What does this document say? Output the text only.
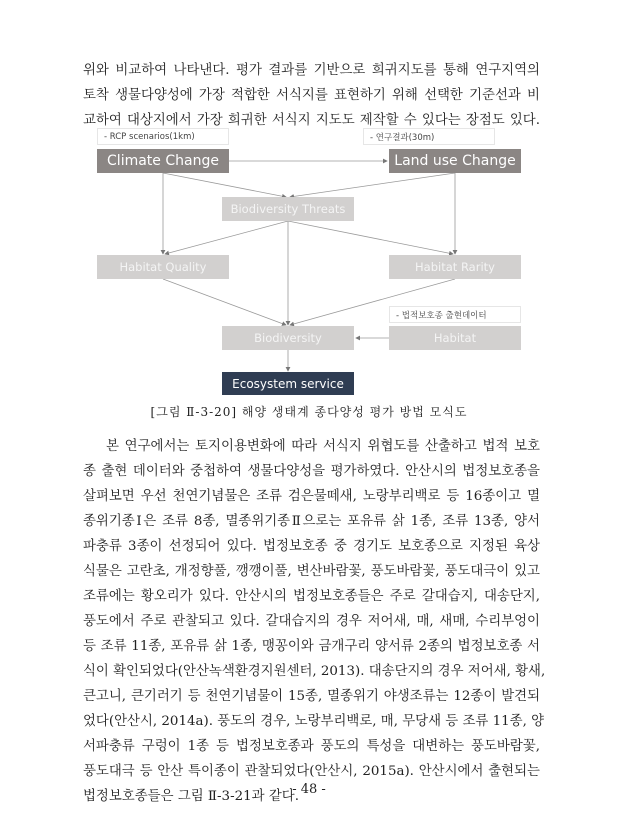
위와 비교하여 나타낸다. 평가 결과를 기반으로 희귀지도를 통해 연구지역의
토착 생물다양성에 가장 적합한 서식지를 표현하기 위해 선택한 기준선과 비
교하여 대상지에서 가장 희귀한 서식지 지도도 제작할 수 있다는 장점도 있다.
- RCP scenarios(1km)	- 연구결과(30m)
Climate Change	Land use Change
Biodiversity Threats
Habitat Quality	Habitat Rarity
- 법적보호종 출현데이터
Biodiversity	Habitat
Ecosystem service
[그림 Ⅱ-3-20] 해양 생태계 종다양성 평가 방법 모식도
본 연구에서는 토지이용변화에 따라 서식지 위협도를 산출하고 법적 보호
종 출현 데이터와 중첩하여 생물다양성을 평가하였다. 안산시의 법정보호종을
살펴보면 우선 천연기념물은 조류 검은물떼새, 노랑부리백로 등 16종이고 멸
종위기종Ⅰ은 조류 8종, 멸종위기종Ⅱ으로는 포유류 삵 1종, 조류 13종, 양서
파충류 3종이 선정되어 있다. 법정보호종 중 경기도 보호종으로 지정된 육상
식물은 고란초, 개정향풀, 깽깽이풀, 변산바람꽃, 풍도바람꽃, 풍도대극이 있고
조류에는 황오리가 있다. 안산시의 법정보호종들은 주로 갈대습지, 대송단지,
풍도에서 주로 관찰되고 있다. 갈대습지의 경우 저어새, 매, 새매, 수리부엉이
등 조류 11종, 포유류 삵 1종, 맹꽁이와 금개구리 양서류 2종의 법정보호종 서
식이 확인되었다(안산녹색환경지원센터, 2013). 대송단지의 경우 저어새, 황새,
큰고니, 큰기러기 등 천연기념물이 15종, 멸종위기 야생조류는 12종이 발견되
었다(안산시, 2014a). 풍도의 경우, 노랑부리백로, 매, 무당새 등 조류 11종, 양
서파충류 구렁이 1종 등 법정보호종과 풍도의 특성을 대변하는 풍도바람꽃,
풍도대극 등 안산 특이종이 관찰되었다(안산시, 2015a). 안산시에서 출현되는
법정보호종들은 그림 Ⅱ-3-21과 같다.
- 48 -
